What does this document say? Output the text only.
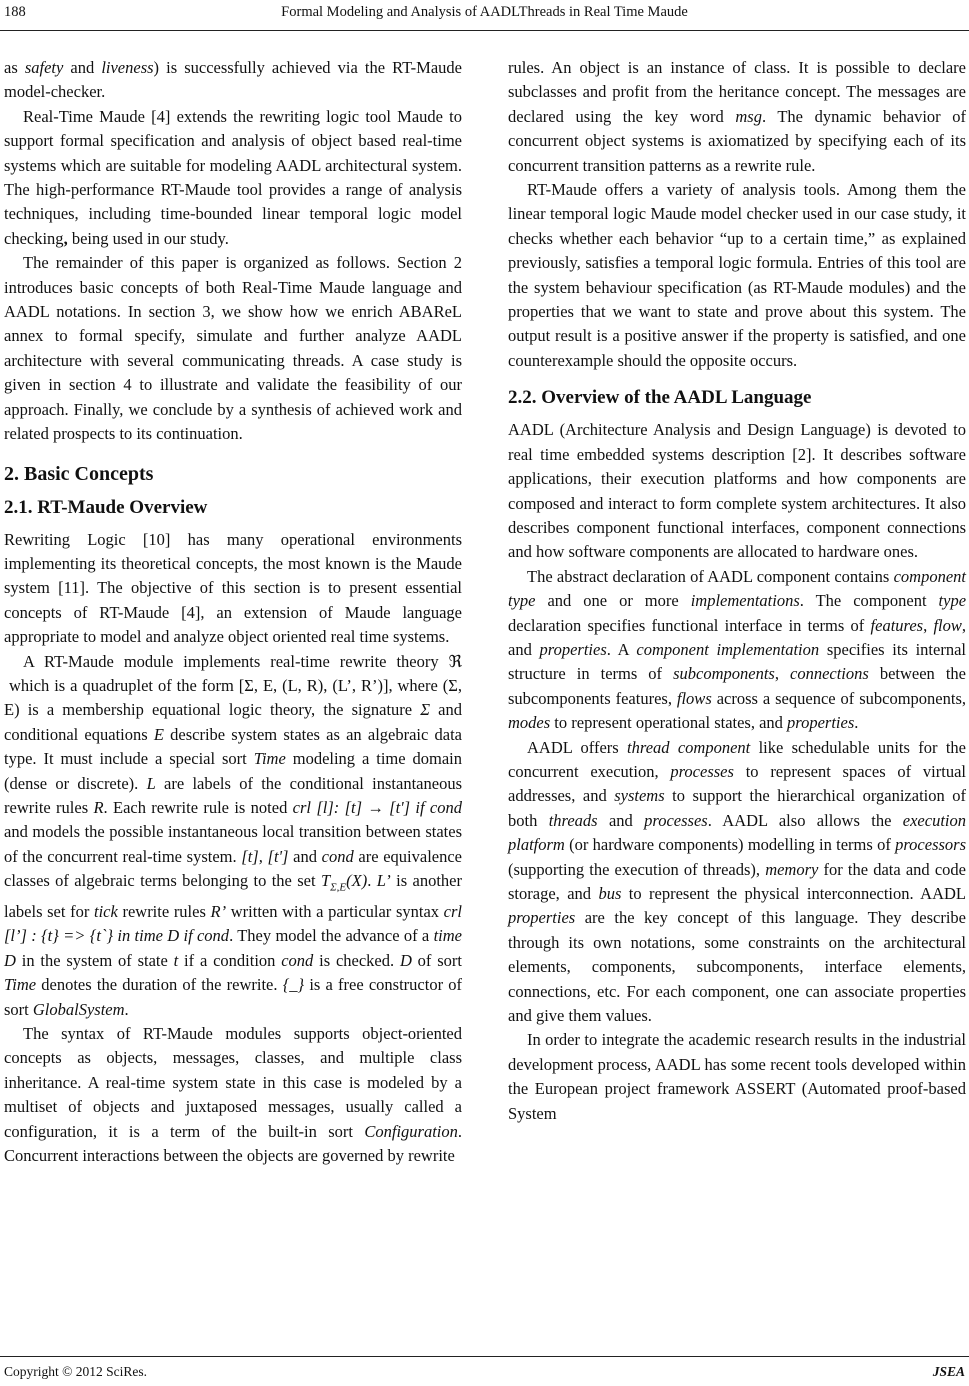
188	Formal Modeling and Analysis of AADLThreads in Real Time Maude

as safety and liveness) is successfully achieved via the RT-Maude model-checker.

Real-Time Maude [4] extends the rewriting logic tool Maude to support formal specification and analysis of object based real-time systems which are suitable for modeling AADL architectural system. The high-performance RT-Maude tool provides a range of analysis techniques, including time-bounded linear temporal logic model checking, being used in our study.

The remainder of this paper is organized as follows. Section 2 introduces basic concepts of both Real-Time Maude language and AADL notations. In section 3, we show how we enrich ABAReL annex to formal specify, simulate and further analyze AADL architecture with several communicating threads. A case study is given in section 4 to illustrate and validate the feasibility of our approach. Finally, we conclude by a synthesis of achieved work and related prospects to its continuation.

2. Basic Concepts
2.1. RT-Maude Overview

Rewriting Logic [10] has many operational environments implementing its theoretical concepts, the most known is the Maude system [11]. The objective of this section is to present essential concepts of RT-Maude [4], an extension of Maude language appropriate to model and analyze object oriented real time systems.

A RT-Maude module implements real-time rewrite theory ℜ  which is a quadruplet of the form [Σ, E, (L, R), (L’, R’)], where (Σ, E) is a membership equational logic theory, the signature Σ and conditional equations E describe system states as an algebraic data type. It must include a special sort Time modeling a time domain (dense or discrete). L are labels of the conditional instantaneous rewrite rules R. Each rewrite rule is noted crl [l]: [t] → [t'] if cond and models the possible instantaneous local transition between states of the concurrent real-time system. [t], [t'] and cond are equivalence classes of algebraic terms belonging to the set $T_{\Sigma,E}(X)$. L’ is another labels set for tick rewrite rules R’ written with a particular syntax crl [l’] : {t} => {t`} in time D if cond. They model the advance of a time D in the system of state t if a condition cond is checked. D of sort Time denotes the duration of the rewrite. {_} is a free constructor of sort GlobalSystem.

The syntax of RT-Maude modules supports object-oriented concepts as objects, messages, classes, and multiple class inheritance. A real-time system state in this case is modeled by a multiset of objects and juxtaposed messages, usually called a configuration, it is a term of the built-in sort Configuration. Concurrent interactions between the objects are governed by rewrite

rules. An object is an instance of class. It is possible to declare subclasses and profit from the heritance concept. The messages are declared using the key word msg. The dynamic behavior of concurrent object systems is axiomatized by specifying each of its concurrent transition patterns as a rewrite rule.

RT-Maude offers a variety of analysis tools. Among them the linear temporal logic Maude model checker used in our case study, it checks whether each behavior “up to a certain time,” as explained previously, satisfies a temporal logic formula. Entries of this tool are the system behaviour specification (as RT-Maude modules) and the properties that we want to state and prove about this system. The output result is a positive answer if the property is satisfied, and one counterexample should the opposite occurs.

2.2. Overview of the AADL Language

AADL (Architecture Analysis and Design Language) is devoted to real time embedded systems description [2]. It describes software applications, their execution platforms and how components are composed and interact to form complete system architectures. It also describes component functional interfaces, component connections and how software components are allocated to hardware ones.

The abstract declaration of AADL component contains component type and one or more implementations. The component type declaration specifies functional interface in terms of features, flow, and properties. A component implementation specifies its internal structure in terms of subcomponents, connections between the subcomponents features, flows across a sequence of subcomponents, modes to represent operational states, and properties.

AADL offers thread component like schedulable units for the concurrent execution, processes to represent spaces of virtual addresses, and systems to support the hierarchical organization of both threads and processes. AADL also allows the execution platform (or hardware components) modelling in terms of processors (supporting the execution of threads), memory for the data and code storage, and bus to represent the physical interconnection. AADL properties are the key concept of this language. They describe through its own notations, some constraints on the architectural elements, components, subcomponents, interface elements, connections, etc. For each component, one can associate properties and give them values.

In order to integrate the academic research results in the industrial development process, AADL has some recent tools developed within the European project framework ASSERT (Automated proof-based System

Copyright © 2012 SciRes.	JSEA
